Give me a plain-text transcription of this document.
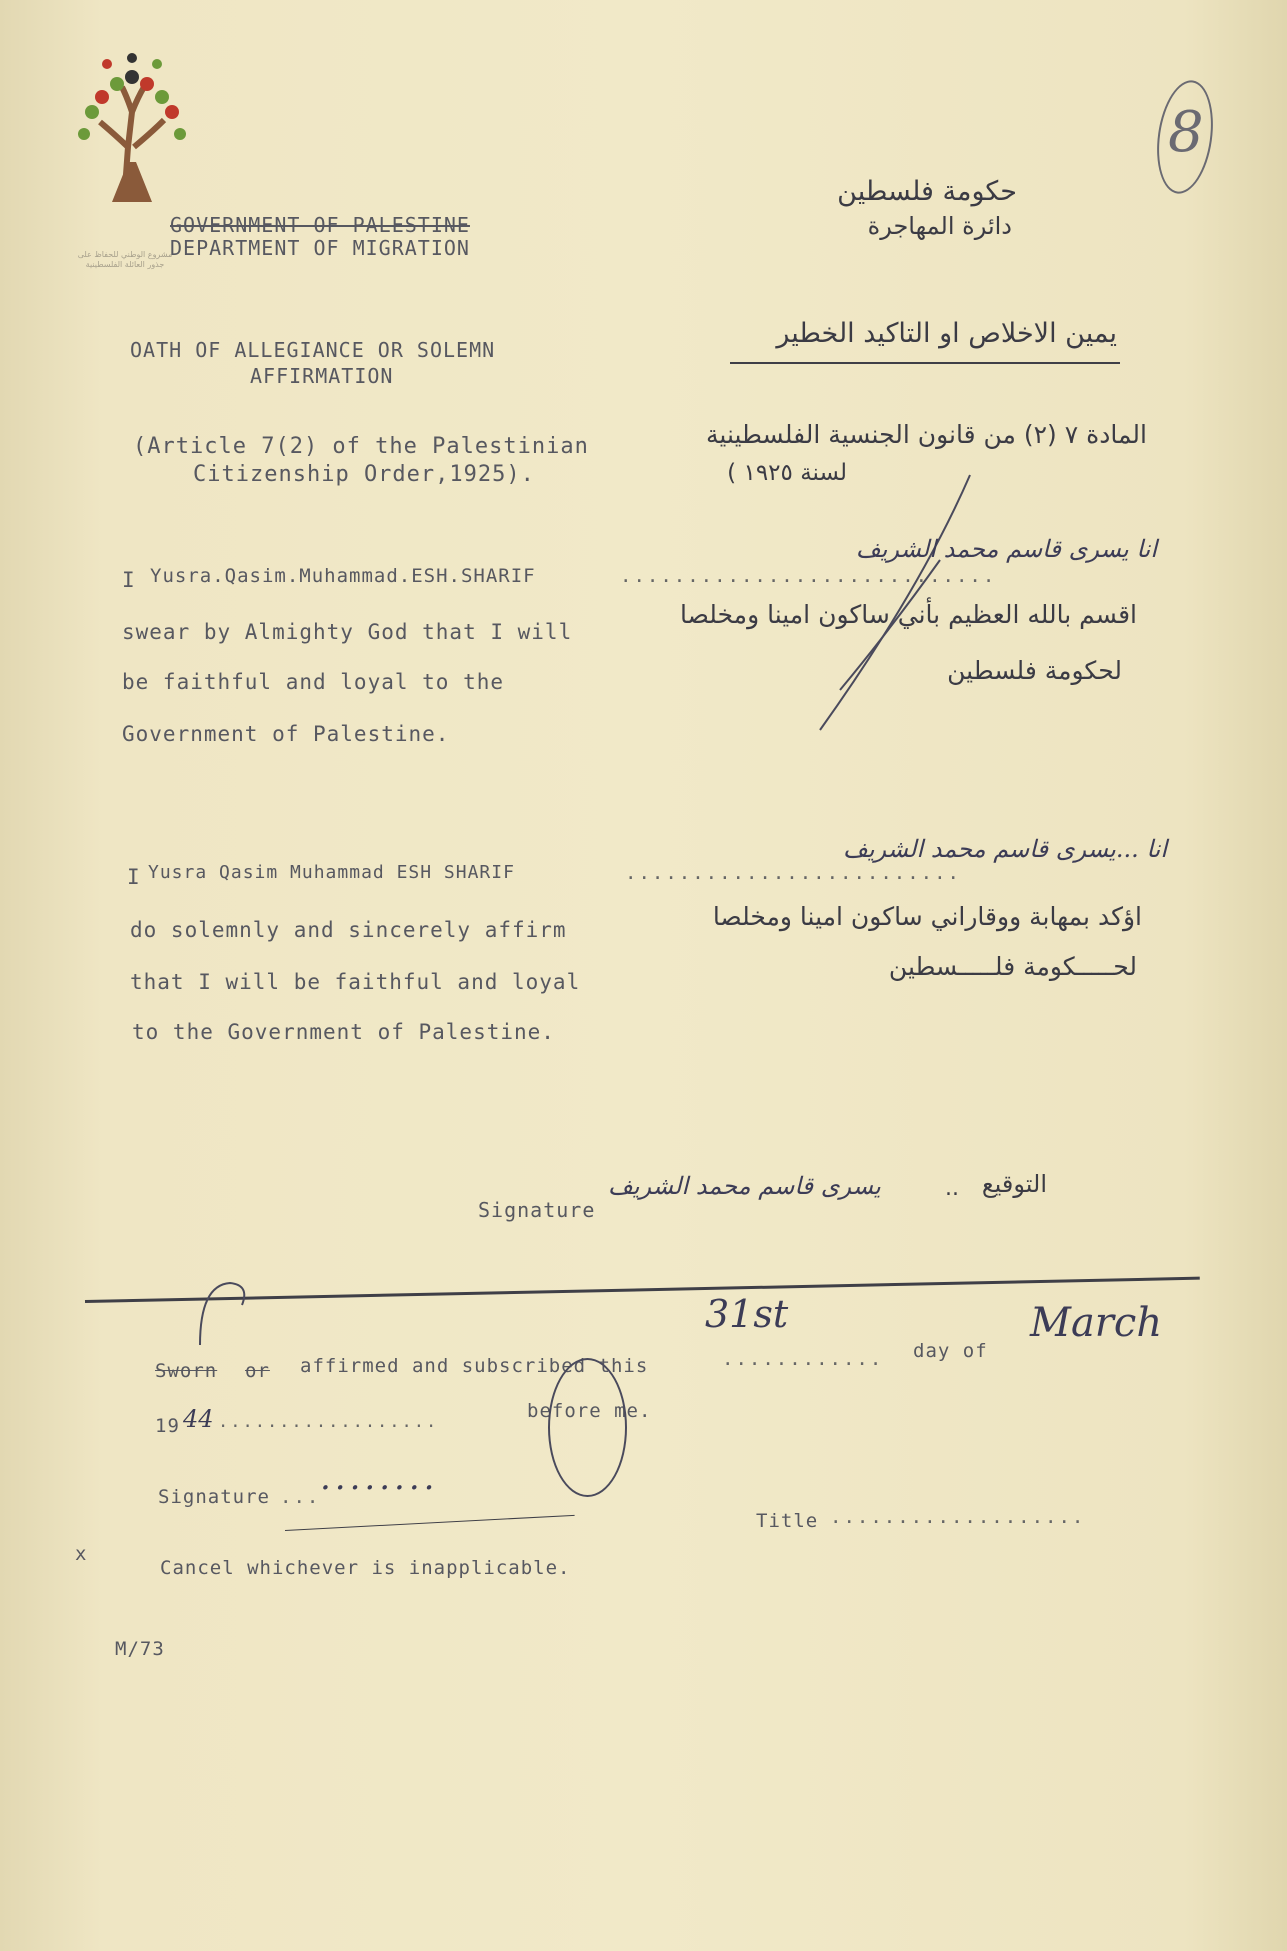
مشروع الوطني للحفاظ على
جذور العائلة الفلسطينية
8
GOVERNMENT OF PALESTINE
DEPARTMENT OF MIGRATION
حكومة فلسطين
دائرة المهاجرة
OATH OF ALLEGIANCE OR SOLEMN
AFFIRMATION
يمين الاخلاص او التاكيد الخطير
(Article 7(2) of the Palestinian
Citizenship Order,1925).
المادة ٧ (٢) من قانون الجنسية الفلسطينية
لسنة ١٩٢٥ )
I Yusra.Qasim.Muhammad.ESH.SHARIF	............................
انا يسرى قاسم محمد الشريف
swear by Almighty God that I will
be faithful and loyal to the
Government of Palestine.
اقسم بالله العظيم بأني ساكون امينا ومخلصا
لحكومة فلسطين
I Yusra Qasim Muhammad ESH SHARIF	.........................
انا ...يسرى قاسم محمد الشريف
do solemnly and sincerely affirm
that I will be faithful and loyal
to the Government of Palestine.
اؤكد بمهابة ووقاراني ساكون امينا ومخلصا
لحـــــكومة فلـــــسطين
Signature
يسرى قاسم محمد الشريف	التوقيع
..
Sworn or affirmed and subscribed this	............
31st
day of
March
19 44 ..................	before me.
Signature ... ........
Title ...................
x
Cancel whichever is inapplicable.
M/73
